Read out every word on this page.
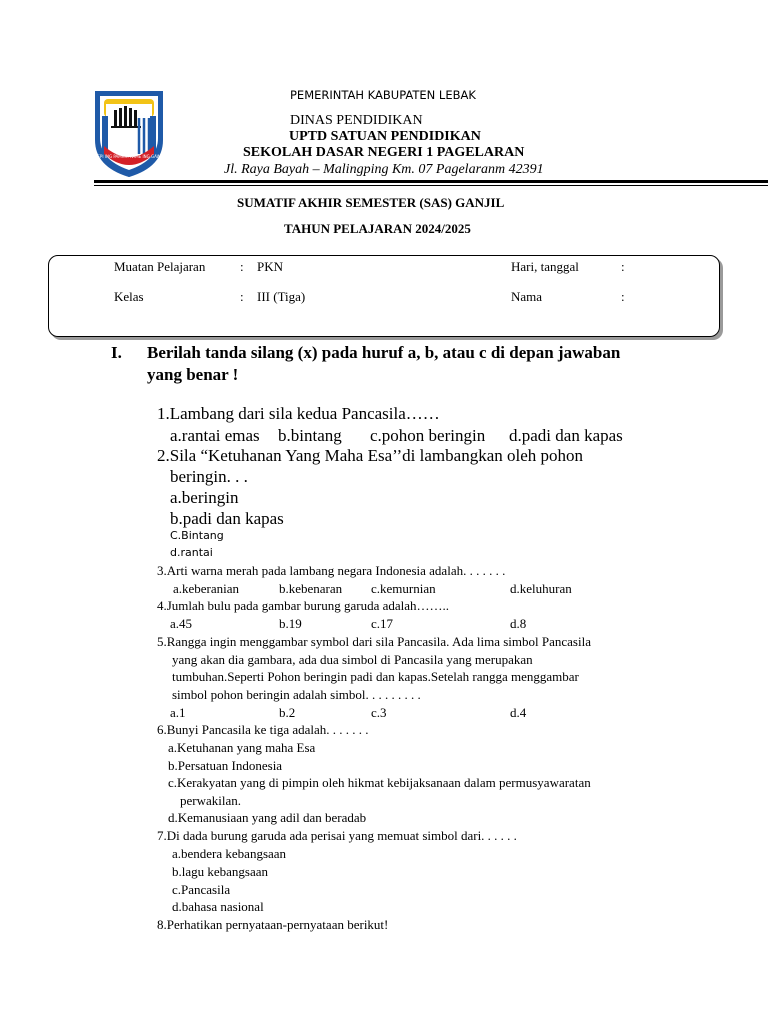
SEPI ING PAMRIH RAME ING GAWE
PEMERINTAH KABUPATEN LEBAK
DINAS PENDIDIKAN
UPTD SATUAN PENDIDIKAN
SEKOLAH DASAR NEGERI 1 PAGELARAN
Jl. Raya Bayah – Malingping Km. 07 Pagelaranm 42391
SUMATIF AKHIR SEMESTER (SAS) GANJIL
TAHUN PELAJARAN 2024/2025
Muatan Pelajaran	: PKN	Hari, tanggal	:
Kelas	: III (Tiga)	Nama	:
I. Berilah tanda silang (x) pada huruf a, b, atau c di depan jawaban
yang benar !
1.Lambang dari sila kedua Pancasila……
a.rantai emas b.bintang c.pohon beringin d.padi dan kapas
2.Sila “Ketuhanan Yang Maha Esa’’di lambangkan oleh pohon
beringin. . .
a.beringin
b.padi dan kapas
C.Bintang
d.rantai
3.Arti warna merah pada lambang negara Indonesia adalah. . . . . . .
a.keberanian	b.kebenaran c.kemurnian	d.keluhuran
4.Jumlah bulu pada gambar burung garuda adalah……..
a.45	b.19	c.17	d.8
5.Rangga ingin menggambar symbol dari sila Pancasila. Ada lima simbol Pancasila
yang akan dia gambara, ada dua simbol di Pancasila yang merupakan
tumbuhan.Seperti Pohon beringin padi dan kapas.Setelah rangga menggambar
simbol pohon beringin adalah simbol. . . . . . . . .
a.1	b.2	c.3	d.4
6.Bunyi Pancasila ke tiga adalah. . . . . . .
a.Ketuhanan yang maha Esa
b.Persatuan Indonesia
c.Kerakyatan yang di pimpin oleh hikmat kebijaksanaan dalam permusyawaratan
perwakilan.
d.Kemanusiaan yang adil dan beradab
7.Di dada burung garuda ada perisai yang memuat simbol dari. . . . . .
a.bendera kebangsaan
b.lagu kebangsaan
c.Pancasila
d.bahasa nasional
8.Perhatikan pernyataan-pernyataan berikut!
